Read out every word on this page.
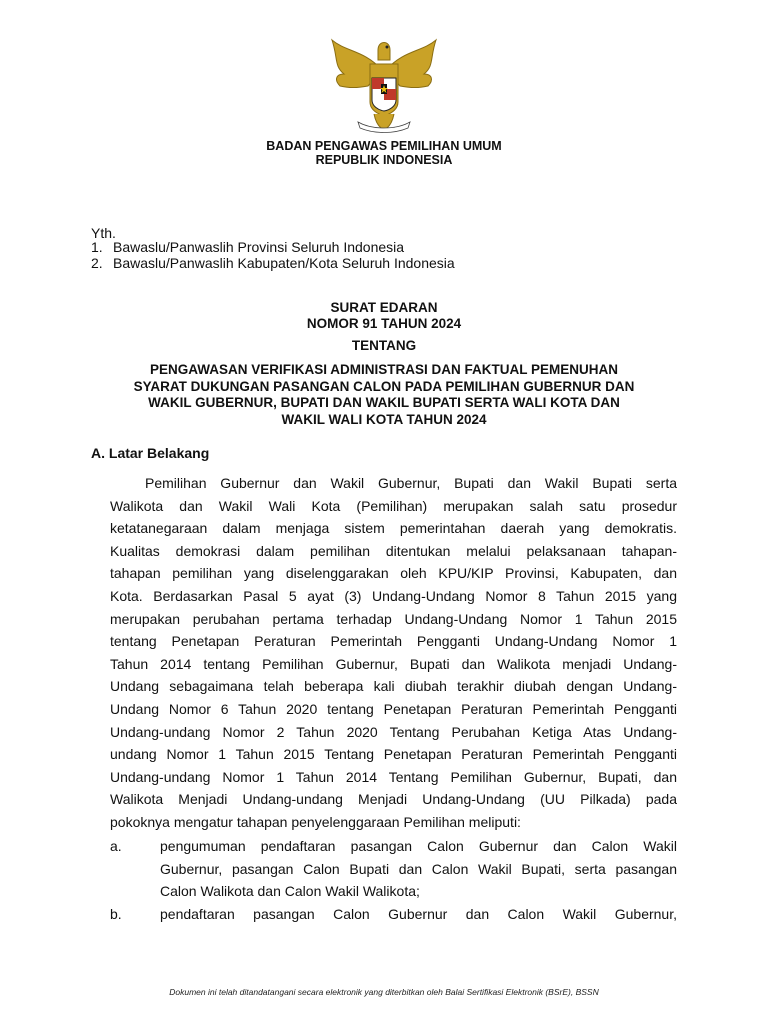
BADAN PENGAWAS PEMILIHAN UMUM
REPUBLIK INDONESIA
Yth.
1. Bawaslu/Panwaslih Provinsi Seluruh Indonesia
2. Bawaslu/Panwaslih Kabupaten/Kota Seluruh Indonesia
SURAT EDARAN
NOMOR 91 TAHUN 2024
TENTANG
PENGAWASAN VERIFIKASI ADMINISTRASI DAN FAKTUAL PEMENUHAN
SYARAT DUKUNGAN PASANGAN CALON PADA PEMILIHAN GUBERNUR DAN
WAKIL GUBERNUR, BUPATI DAN WAKIL BUPATI SERTA WALI KOTA DAN
WAKIL WALI KOTA TAHUN 2024
A. Latar Belakang
Pemilihan Gubernur dan Wakil Gubernur, Bupati dan Wakil Bupati serta
Walikota dan Wakil Wali Kota (Pemilihan) merupakan salah satu prosedur
ketatanegaraan dalam menjaga sistem pemerintahan daerah yang demokratis.
Kualitas demokrasi dalam pemilihan ditentukan melalui pelaksanaan tahapan-
tahapan pemilihan yang diselenggarakan oleh KPU/KIP Provinsi, Kabupaten, dan
Kota. Berdasarkan Pasal 5 ayat (3) Undang-Undang Nomor 8 Tahun 2015 yang
merupakan perubahan pertama terhadap Undang-Undang Nomor 1 Tahun 2015
tentang Penetapan Peraturan Pemerintah Pengganti Undang-Undang Nomor 1
Tahun 2014 tentang Pemilihan Gubernur, Bupati dan Walikota menjadi Undang-
Undang sebagaimana telah beberapa kali diubah terakhir diubah dengan Undang-
Undang Nomor 6 Tahun 2020 tentang Penetapan Peraturan Pemerintah Pengganti
Undang-undang Nomor 2 Tahun 2020 Tentang Perubahan Ketiga Atas Undang-
undang Nomor 1 Tahun 2015 Tentang Penetapan Peraturan Pemerintah Pengganti
Undang-undang Nomor 1 Tahun 2014 Tentang Pemilihan Gubernur, Bupati, dan
Walikota Menjadi Undang-undang Menjadi Undang-Undang (UU Pilkada) pada
pokoknya mengatur tahapan penyelenggaraan Pemilihan meliputi:
a.	pengumuman pendaftaran pasangan Calon Gubernur dan Calon Wakil
Gubernur, pasangan Calon Bupati dan Calon Wakil Bupati, serta pasangan
Calon Walikota dan Calon Wakil Walikota;
b.	pendaftaran pasangan Calon Gubernur dan Calon Wakil Gubernur,
Dokumen ini telah ditandatangani secara elektronik yang diterbitkan oleh Balai Sertifikasi Elektronik (BSrE), BSSN
